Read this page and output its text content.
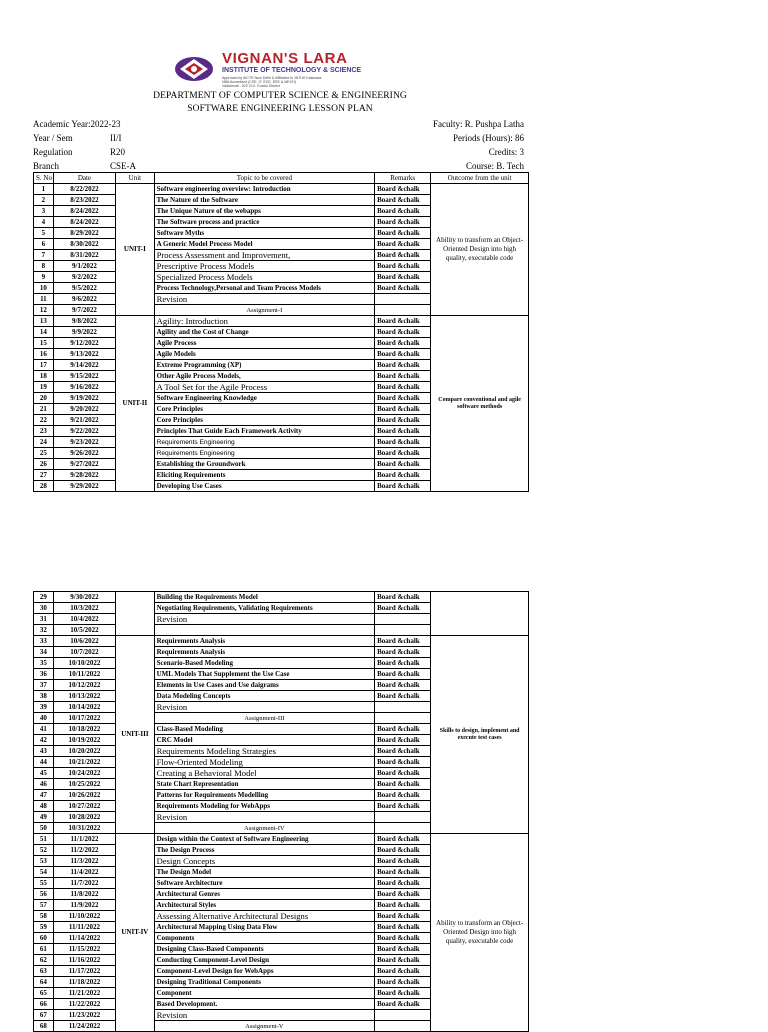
VIGNAN'S LARA
INSTITUTE OF TECHNOLOGY & SCIENCE
Approved by AICTE New Delhi & Affiliated to JNTUK Kakinada
NBA Accredited (CSE, IT, ECE, EEE & MECH)
Vadlamudi - 522 213, Guntur District
DEPARTMENT OF COMPUTER SCIENCE & ENGINEERING
SOFTWARE ENGINEERING LESSON PLAN
Academic Year:2022-23
Year / Sem	II/I
Regulation	R20
Branch	CSE-A
Faculty: R. Pushpa Latha
Periods (Hours): 86
Credits: 3
Course: B. Tech
S. No	Date	Unit	Topic to be covered	Remarks	Outcome from the unit
1	8/22/2022	UNIT-I	Software engineering overview: Introduction	Board &chalk	Ability to transform an Object-Oriented Design into high quality, executable code
2	8/23/2022		The Nature of the Software	Board &chalk	
3	8/24/2022		The Unique Nature of the webapps	Board &chalk	
4	8/24/2022		The Software process and practice	Board &chalk	
5	8/29/2022		Software Myths	Board &chalk	
6	8/30/2022		A Generic Model Process Model	Board &chalk	
7	8/31/2022		Process Assessment and Improvement,	Board &chalk	
8	9/1/2022		Prescriptive Process Models	Board &chalk	
9	9/2/2022		Specialized Process Models	Board &chalk	
10	9/5/2022		Process Technology,Personal and Team Process Models	Board &chalk	
11	9/6/2022		Revision		
12	9/7/2022		Assignment-I		
13	9/8/2022	UNIT-II	Agility: Introduction	Board &chalk	Compare conventional and agile software methods
14	9/9/2022		Agility and the Cost of Change	Board &chalk	
15	9/12/2022		Agile Process	Board &chalk	
16	9/13/2022		Agile Models	Board &chalk	
17	9/14/2022		Extreme Programming (XP)	Board &chalk	
18	9/15/2022		Other Agile Process Models,	Board &chalk	
19	9/16/2022		A Tool Set for the Agile Process	Board &chalk	
20	9/19/2022		Software Engineering Knowledge	Board &chalk	
21	9/20/2022		Core Principles	Board &chalk	
22	9/21/2022		Core Principles	Board &chalk	
23	9/22/2022		Principles That Guide Each Framework Activity	Board &chalk	
24	9/23/2022		Requirements Engineering	Board &chalk	
25	9/26/2022		Requirements Engineering	Board &chalk	
26	9/27/2022		Establishing the Groundwork	Board &chalk	
27	9/28/2022		Eliciting Requirements	Board &chalk	
28	9/29/2022		Developing Use Cases	Board &chalk	
29	9/30/2022		Building the Requirements Model	Board &chalk	
30	10/3/2022		Negotiating Requirements, Validating Requirements	Board &chalk	
31	10/4/2022		Revision		
32	10/5/2022				
33	10/6/2022	UNIT-III	Requirements Analysis	Board &chalk	Skills to design, implement and execute test cases
34	10/7/2022		Requirements Analysis	Board &chalk	
35	10/10/2022		Scenario-Based Modeling	Board &chalk	
36	10/11/2022		UML Models That Supplement the Use Case	Board &chalk	
37	10/12/2022		Elements in Use Cases and Use daigrams	Board &chalk	
38	10/13/2022		Data Modeling Concepts	Board &chalk	
39	10/14/2022		Revision		
40	10/17/2022		Assignment-III		
41	10/18/2022		Class-Based Modeling	Board &chalk	
42	10/19/2022		CRC Model	Board &chalk	
43	10/20/2022		Requirements Modeling Strategies	Board &chalk	
44	10/21/2022		Flow-Oriented Modeling	Board &chalk	
45	10/24/2022		Creating a Behavioral Model	Board &chalk	
46	10/25/2022		State Chart Representation	Board &chalk	
47	10/26/2022		Patterns for Requirements Modelling	Board &chalk	
48	10/27/2022		Requirements Modeling for WebApps	Board &chalk	
49	10/28/2022		Revision		
50	10/31/2022		Assignment-IV		
51	11/1/2022	UNIT-IV	Design within the Context of Software Engineering	Board &chalk	Ability to transform an Object-Oriented Design into high quality, executable code
52	11/2/2022		The Design Process	Board &chalk	
53	11/3/2022		Design Concepts	Board &chalk	
54	11/4/2022		The Design Model	Board &chalk	
55	11/7/2022		Software Architecture	Board &chalk	
56	11/8/2022		Architectural Genres	Board &chalk	
57	11/9/2022		Architectural Styles	Board &chalk	
58	11/10/2022		Assessing Alternative Architectural Designs	Board &chalk	
59	11/11/2022		Architectural Mapping Using Data Flow	Board &chalk	
60	11/14/2022		Components	Board &chalk	
61	11/15/2022		Designing Class-Based Components	Board &chalk	
62	11/16/2022		Conducting Component-Level Design	Board &chalk	
63	11/17/2022		Component-Level Design for WebApps	Board &chalk	
64	11/18/2022		Designing Traditional Components	Board &chalk	
65	11/21/2022		Component	Board &chalk	
66	11/22/2022		Based Development.	Board &chalk	
67	11/23/2022		Revision		
68	11/24/2022		Assignment-V		
